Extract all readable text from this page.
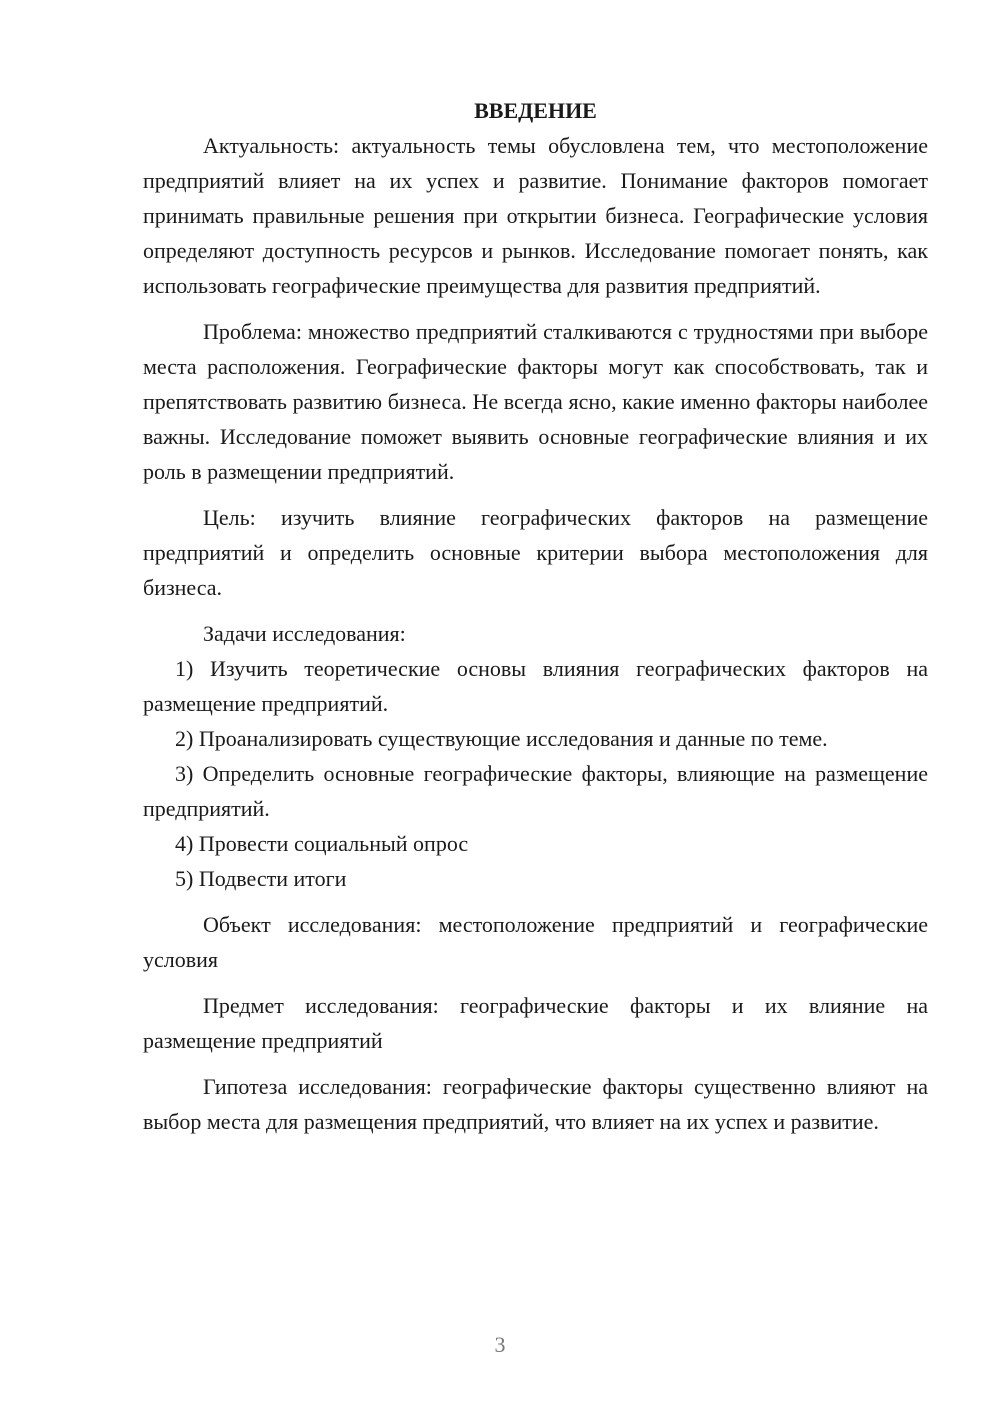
ВВЕДЕНИЕ

Актуальность: актуальность темы обусловлена тем, что местоположение предприятий влияет на их успех и развитие. Понимание факторов помогает принимать правильные решения при открытии бизнеса. Географические условия определяют доступность ресурсов и рынков. Исследование помогает понять, как использовать географические преимущества для развития предприятий.

Проблема: множество предприятий сталкиваются с трудностями при выборе места расположения. Географические факторы могут как способствовать, так и препятствовать развитию бизнеса. Не всегда ясно, какие именно факторы наиболее важны. Исследование поможет выявить основные географические влияния и их роль в размещении предприятий.

Цель: изучить влияние географических факторов на размещение предприятий и определить основные критерии выбора местоположения для бизнеса.

Задачи исследования:

1) Изучить теоретические основы влияния географических факторов на размещение предприятий.

2) Проанализировать существующие исследования и данные по теме.

3) Определить основные географические факторы, влияющие на размещение предприятий.

4) Провести социальный опрос

5) Подвести итоги

Объект исследования: местоположение предприятий и географические условия

Предмет исследования: географические факторы и их влияние на размещение предприятий

Гипотеза исследования: географические факторы существенно влияют на выбор места для размещения предприятий, что влияет на их успех и развитие.

3
